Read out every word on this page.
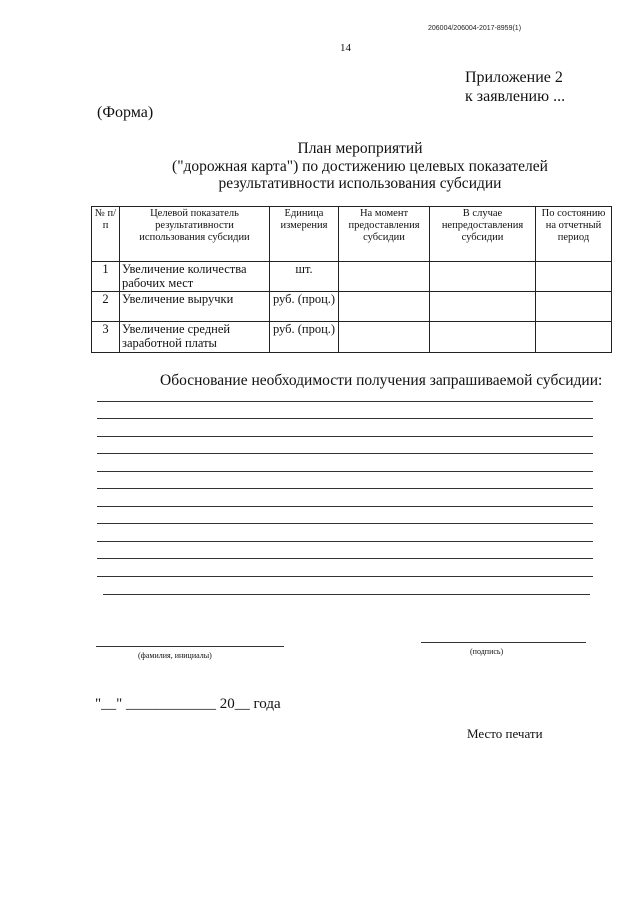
206004/206004-2017-8959(1)
14
Приложение 2
к заявлению ...
(Форма)
План мероприятий
("дорожная карта") по достижению целевых показателей
результативности использования субсидии
№ п/п	Целевой показатель результативности использования субсидии	Единица измерения	На момент предоставления субсидии	В случае непредоставления субсидии	По состоянию на отчетный период
1	Увеличение количества рабочих мест	шт.			
2	Увеличение выручки	руб. (проц.)			
3	Увеличение средней заработной платы	руб. (проц.)			
Обоснование необходимости получения запрашиваемой субсидии:
(фамилия, инициалы)	(подпись)
"__" ____________ 20__ года
Место печати
